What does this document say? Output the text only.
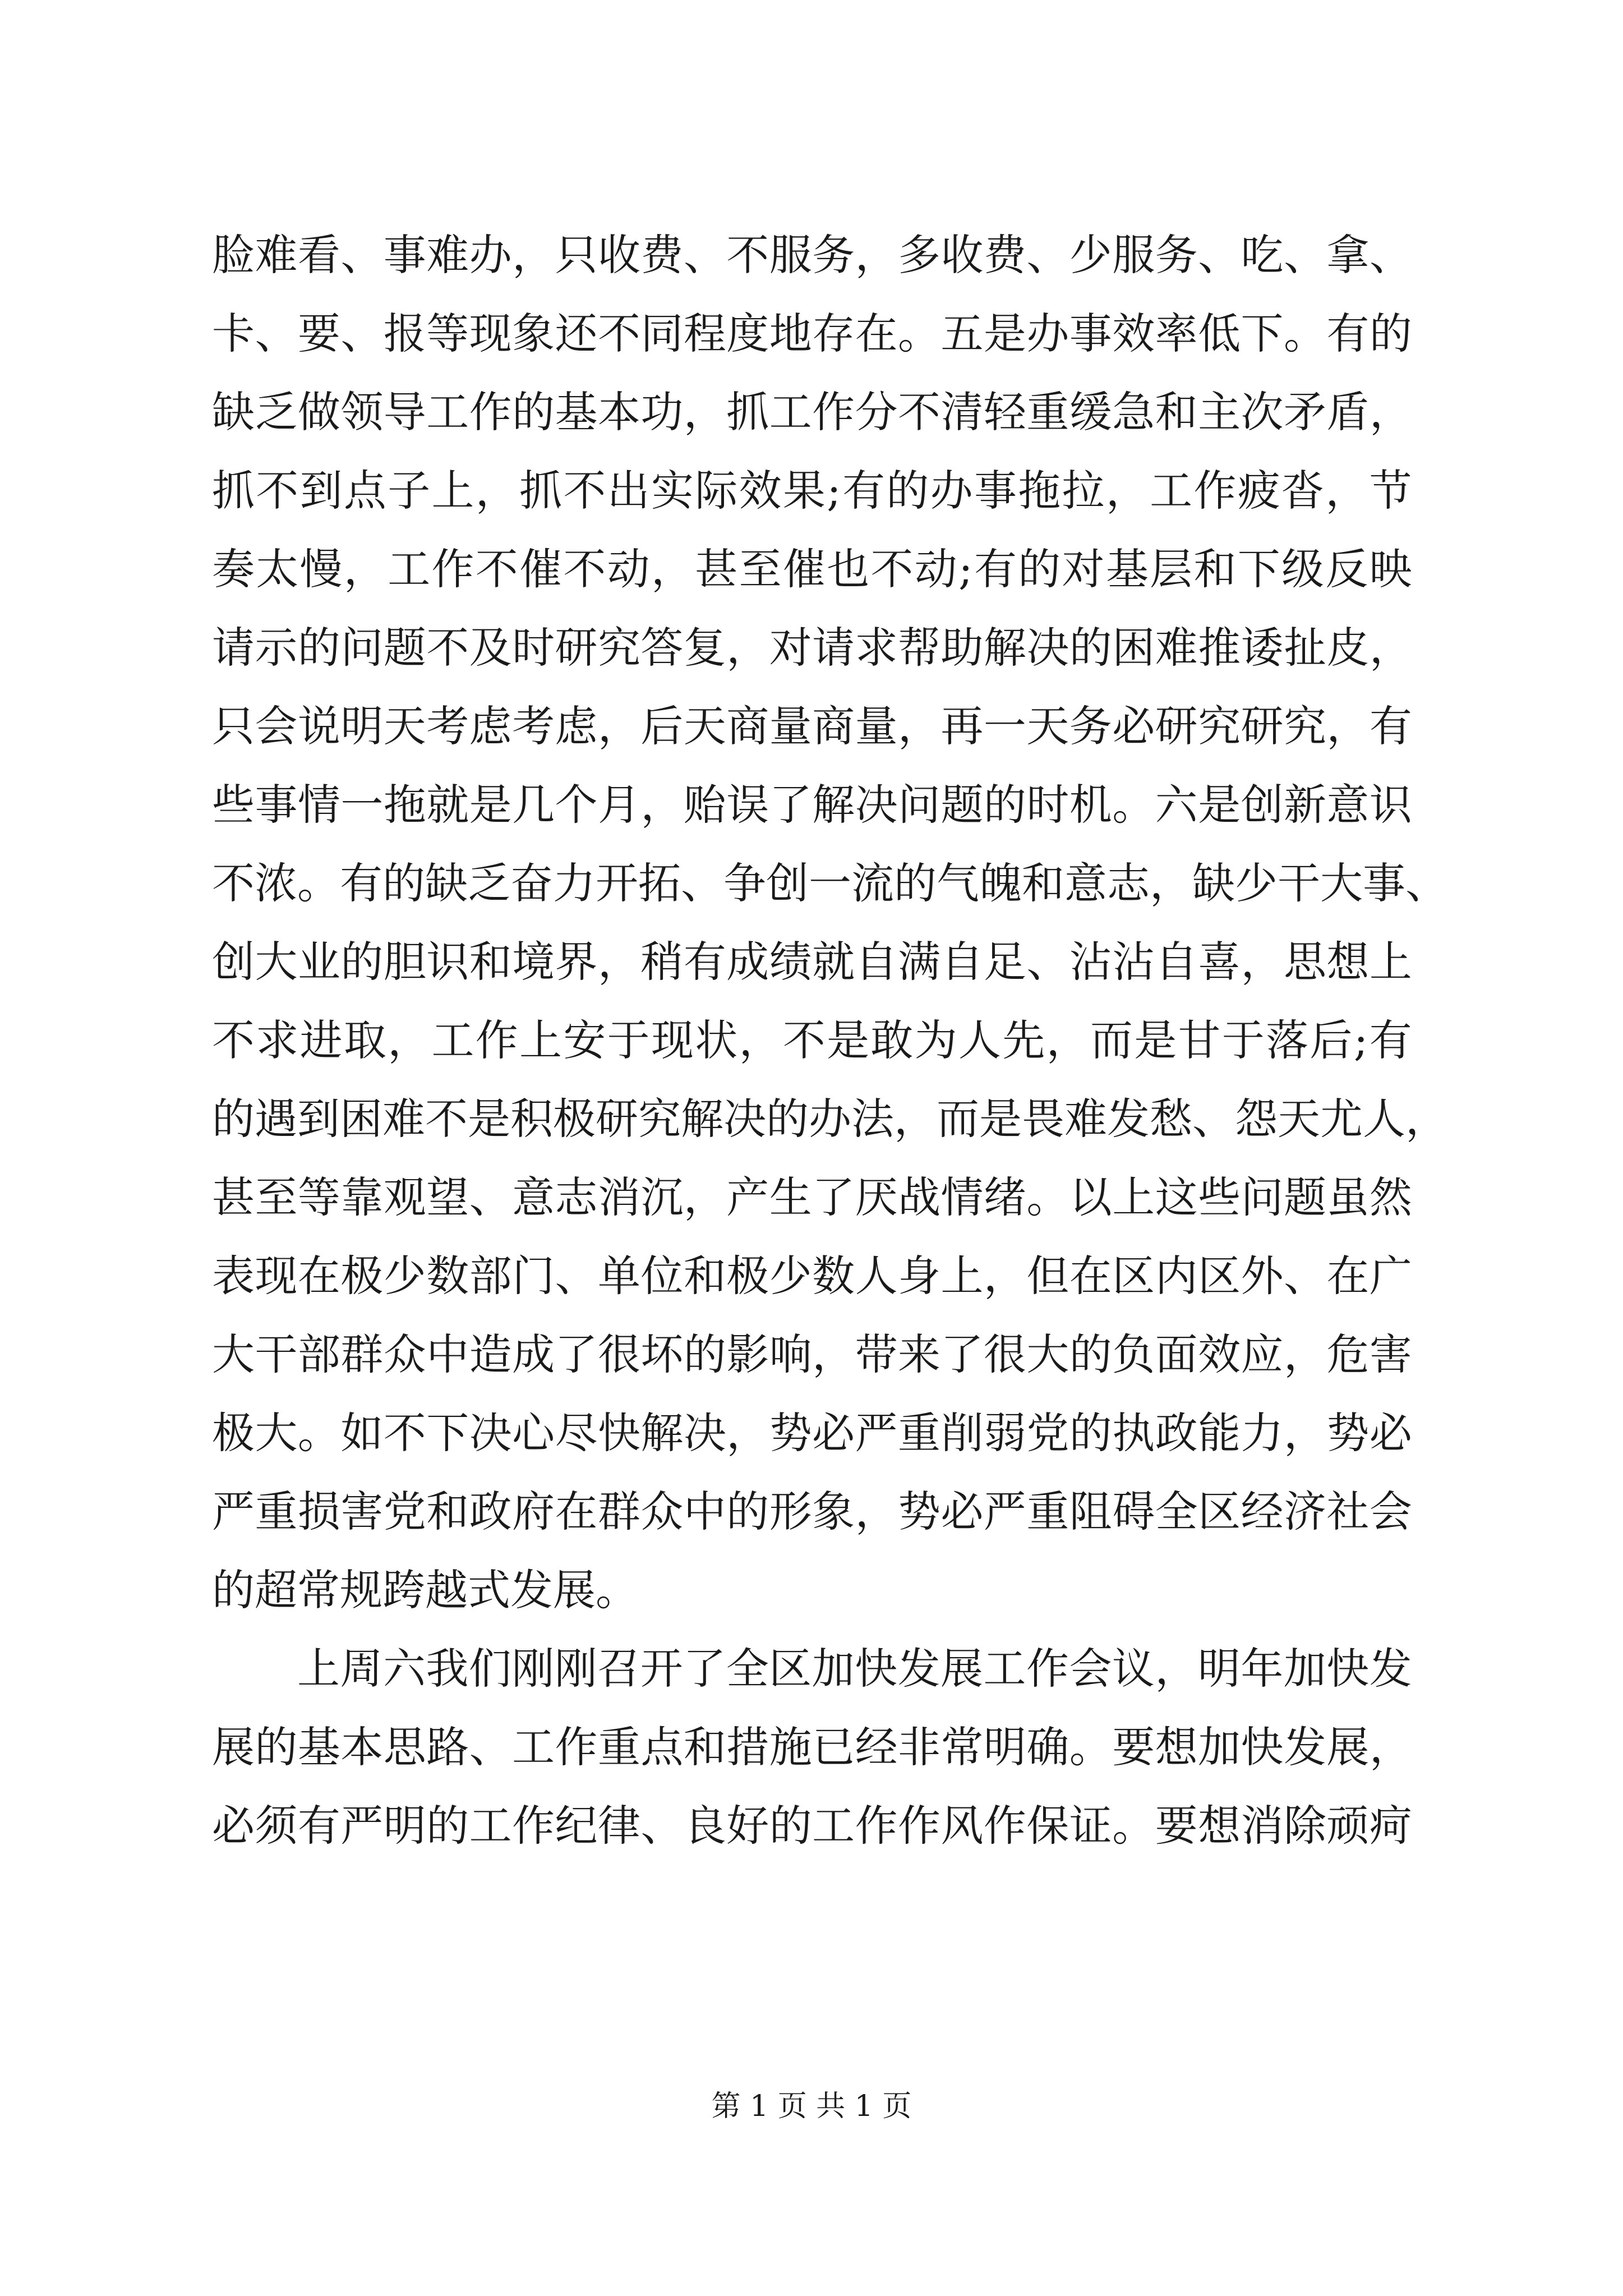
脸 难 看 、 事 难 办 ， 只 收 费 、 不 服 务 ， 多 收 费 、 少 服 务 、 吃 、 拿 、
卡 、 要 、 报 等 现 象 还 不 同 程 度 地 存 在 。 五 是 办 事 效 率 低 下 。 有 的
缺 乏 做 领 导 工 作 的 基 本 功 ， 抓 工 作 分 不 清 轻 重 缓 急 和 主 次 矛 盾 ，
抓 不 到 点 子 上 ， 抓 不 出 实 际 效 果 ; 有 的 办 事 拖 拉 ， 工 作 疲 沓 ， 节
奏 太 慢 ， 工 作 不 催 不 动 ， 甚 至 催 也 不 动 ; 有 的 对 基 层 和 下 级 反 映
请 示 的 问 题 不 及 时 研 究 答 复 ， 对 请 求 帮 助 解 决 的 困 难 推 诿 扯 皮 ，
只 会 说 明 天 考 虑 考 虑 ， 后 天 商 量 商 量 ， 再 一 天 务 必 研 究 研 究 ， 有
些 事 情 一 拖 就 是 几 个 月 ， 贻 误 了 解 决 问 题 的 时 机 。 六 是 创 新 意 识
不 浓 。 有 的 缺 乏 奋 力 开 拓 、 争 创 一 流 的 气 魄 和 意 志 ， 缺 少 干 大 事 、
创 大 业 的 胆 识 和 境 界 ， 稍 有 成 绩 就 自 满 自 足 、 沾 沾 自 喜 ， 思 想 上
不 求 进 取 ， 工 作 上 安 于 现 状 ， 不 是 敢 为 人 先 ， 而 是 甘 于 落 后 ; 有
的 遇 到 困 难 不 是 积 极 研 究 解 决 的 办 法 ， 而 是 畏 难 发 愁 、 怨 天 尤 人 ，
甚 至 等 靠 观 望 、 意 志 消 沉 ， 产 生 了 厌 战 情 绪 。 以 上 这 些 问 题 虽 然
表 现 在 极 少 数 部 门 、 单 位 和 极 少 数 人 身 上 ， 但 在 区 内 区 外 、 在 广
大 干 部 群 众 中 造 成 了 很 坏 的 影 响 ， 带 来 了 很 大 的 负 面 效 应 ， 危 害
极 大 。 如 不 下 决 心 尽 快 解 决 ， 势 必 严 重 削 弱 党 的 执 政 能 力 ， 势 必
严 重 损 害 党 和 政 府 在 群 众 中 的 形 象 ， 势 必 严 重 阻 碍 全 区 经 济 社 会
的 超 常 规 跨 越 式 发 展 。
上 周 六 我 们 刚 刚 召 开 了 全 区 加 快 发 展 工 作 会 议 ， 明 年 加 快 发
展 的 基 本 思 路 、 工 作 重 点 和 措 施 已 经 非 常 明 确 。 要 想 加 快 发 展 ，
必 须 有 严 明 的 工 作 纪 律 、 良 好 的 工 作 作 风 作 保 证 。 要 想 消 除 顽 疴
第 1 页 共 1 页
